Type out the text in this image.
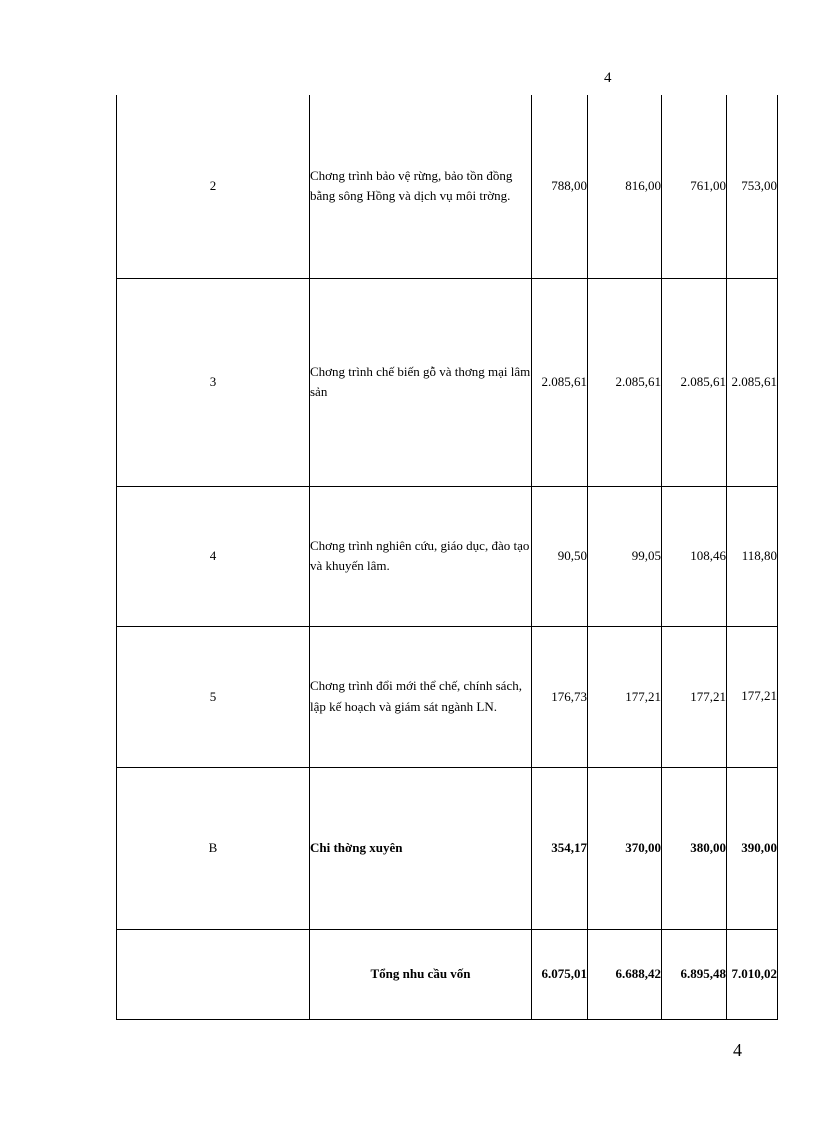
4
2	Chơng trình bảo vệ rừng, bảo tồn đồng bằng sông Hồng và dịch vụ môi trờng.	788,00	816,00	761,00	753,00
3	Chơng trình chế biến gỗ và thơng mại lâm sản	2.085,61	2.085,61	2.085,61	2.085,61
4	Chơng trình nghiên cứu, giáo dục, đào tạo và khuyến lâm.	90,50	99,05	108,46	118,80
5	Chơng trình đổi mới thể chế, chính sách, lập kế hoạch và giám sát ngành LN.	176,73	177,21	177,21	177,21
B	Chi thờng xuyên	354,17	370,00	380,00	390,00
	Tổng nhu cầu vốn	6.075,01	6.688,42	6.895,48	7.010,02
4
